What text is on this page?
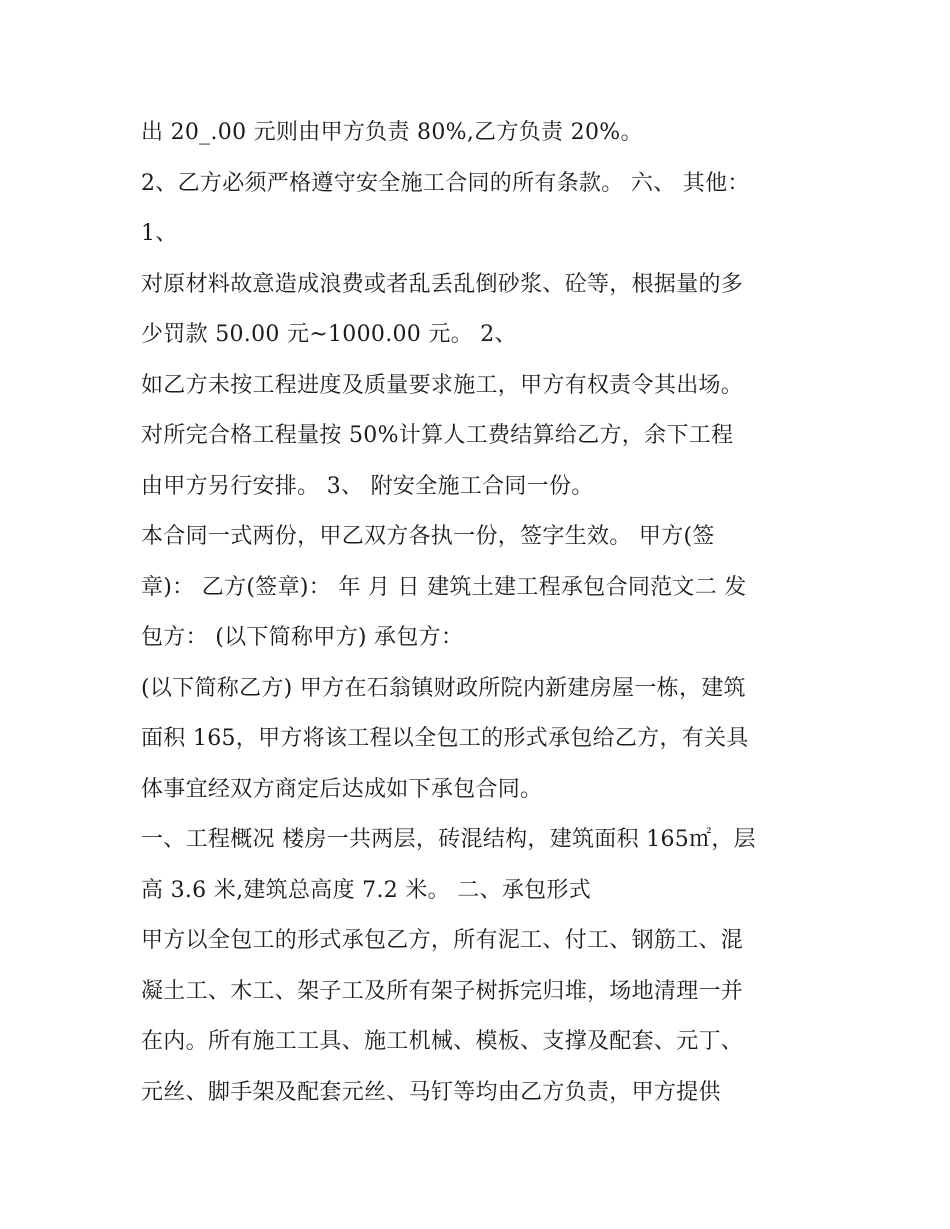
出 20_.00 元则由甲方负责 80%,乙方负责 20%。
2、乙方必须严格遵守安全施工合同的所有条款。 六、 其他：
1、
对原材料故意造成浪费或者乱丢乱倒砂浆、砼等，根据量的多
少罚款 50.00 元~1000.00 元。 2、
如乙方未按工程进度及质量要求施工，甲方有权责令其出场。
对所完合格工程量按 50%计算人工费结算给乙方，余下工程
由甲方另行安排。 3、 附安全施工合同一份。
本合同一式两份，甲乙双方各执一份，签字生效。 甲方(签
章)： 乙方(签章)： 年 月 日 建筑土建工程承包合同范文二 发
包方： (以下简称甲方) 承包方：
(以下简称乙方) 甲方在石翁镇财政所院内新建房屋一栋，建筑
面积 165，甲方将该工程以全包工的形式承包给乙方，有关具
体事宜经双方商定后达成如下承包合同。
一、工程概况 楼房一共两层，砖混结构，建筑面积 165㎡，层
高 3.6 米,建筑总高度 7.2 米。 二、承包形式
甲方以全包工的形式承包乙方，所有泥工、付工、钢筋工、混
凝土工、木工、架子工及所有架子树拆完归堆，场地清理一并
在内。所有施工工具、施工机械、模板、支撑及配套、元丁、
元丝、脚手架及配套元丝、马钉等均由乙方负责，甲方提供
